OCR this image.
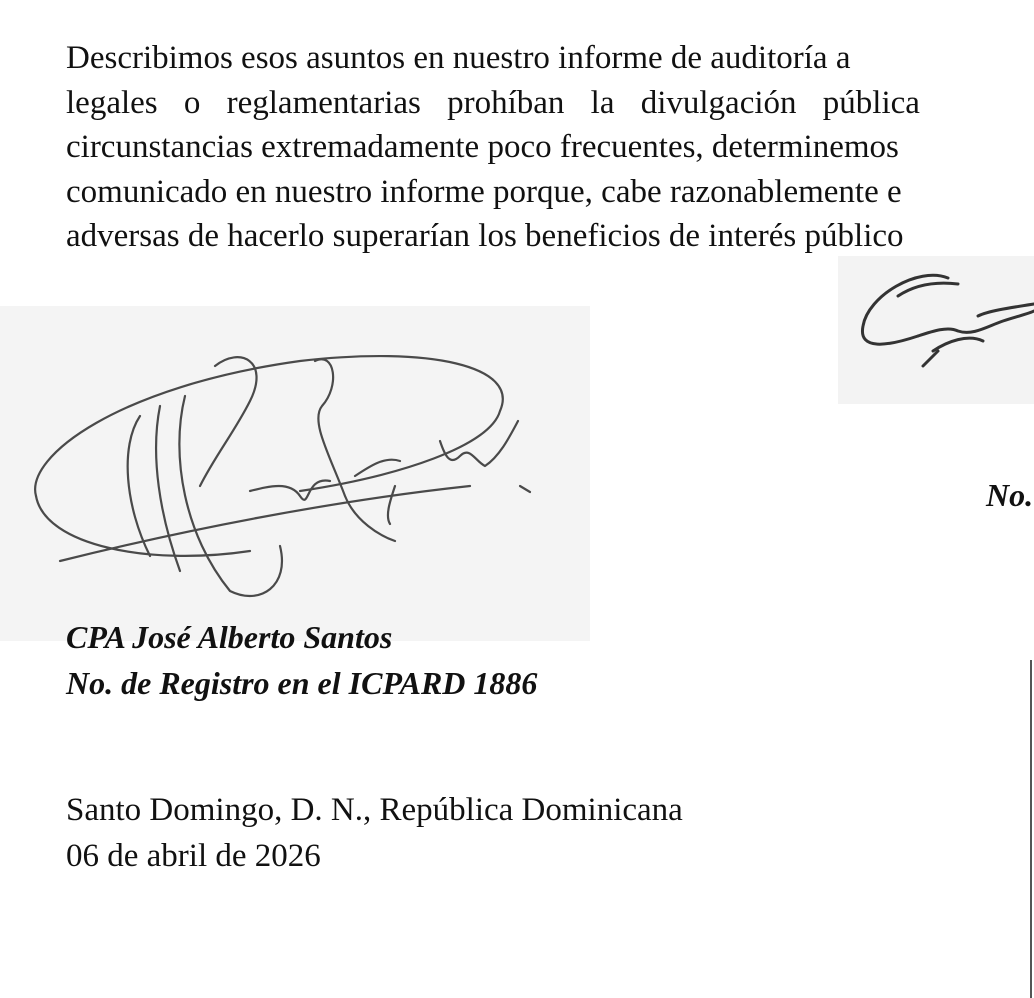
Describimos esos asuntos en nuestro informe de auditoría a
legales o reglamentarias prohíban la divulgación pública
circunstancias extremadamente poco frecuentes, determinemos
comunicado en nuestro informe porque, cabe razonablemente e
adversas de hacerlo superarían los beneficios de interés público

No.
CPA José Alberto Santos
No. de Registro en el ICPARD 1886
Santo Domingo, D. N., República Dominicana
06 de abril de 2026
